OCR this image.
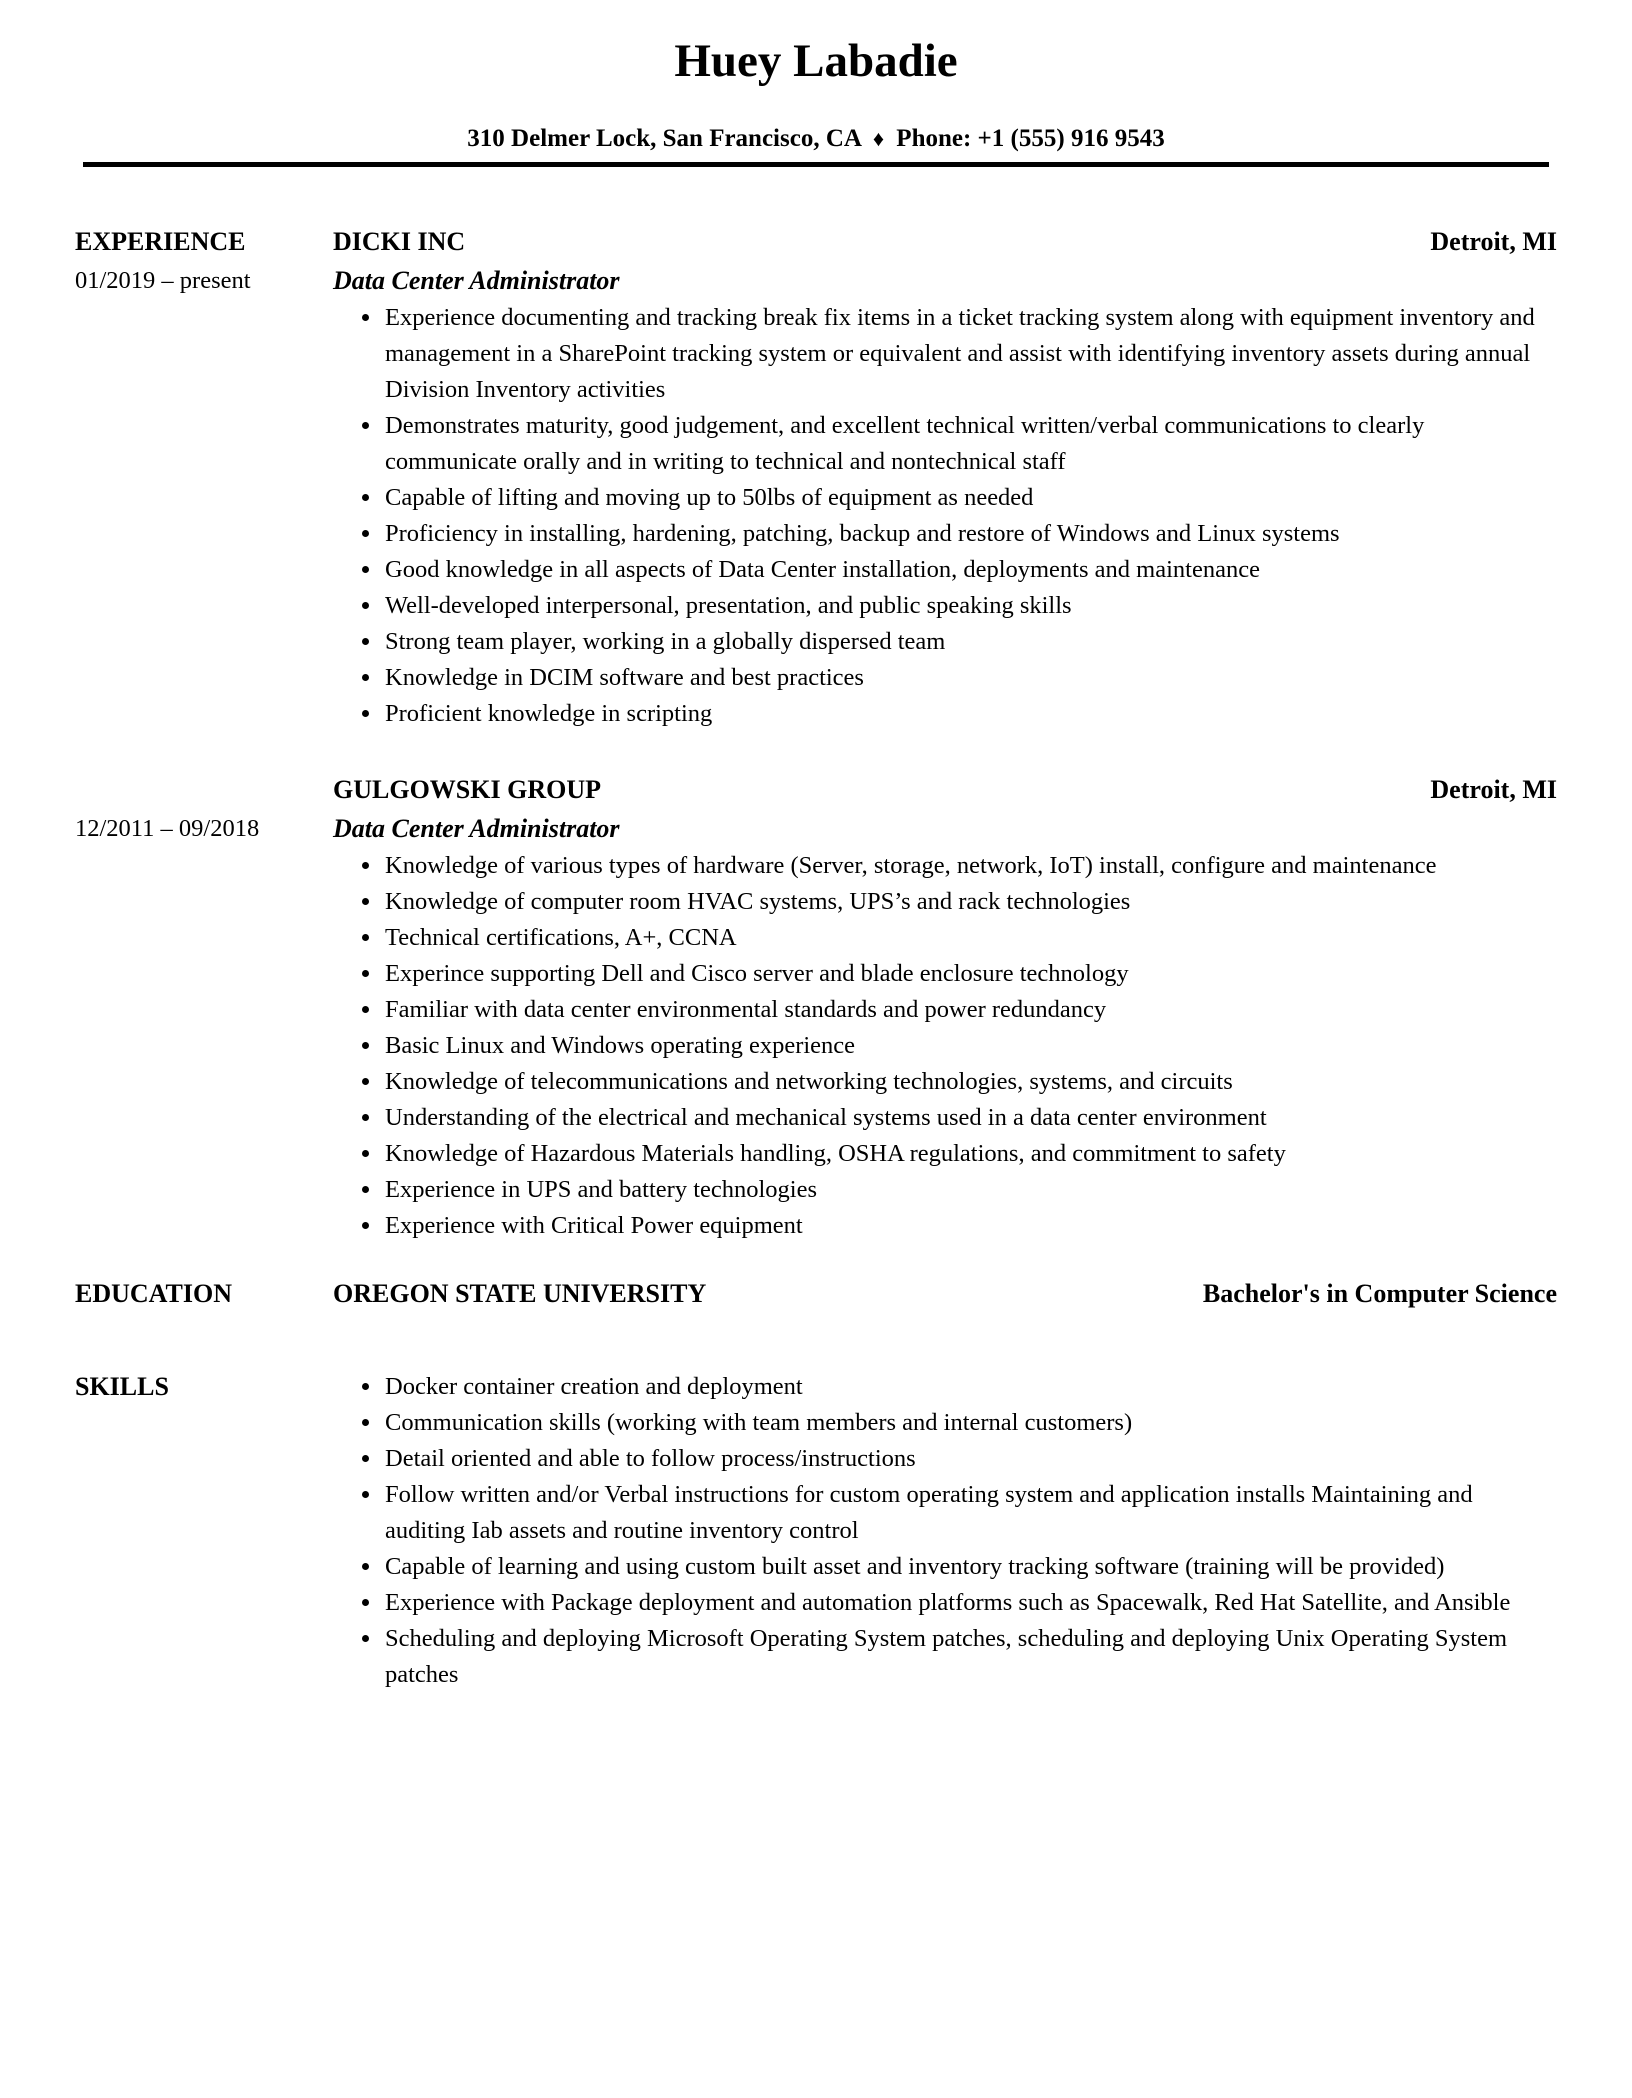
Huey Labadie
310 Delmer Lock, San Francisco, CA ♦ Phone: +1 (555) 916 9543
EXPERIENCE
01/2019 – present
DICKI INC	Detroit, MI
Data Center Administrator
• Experience documenting and tracking break fix items in a ticket tracking system along with equipment inventory and management in a SharePoint tracking system or equivalent and assist with identifying inventory assets during annual Division Inventory activities
• Demonstrates maturity, good judgement, and excellent technical written/verbal communications to clearly communicate orally and in writing to technical and nontechnical staff
• Capable of lifting and moving up to 50lbs of equipment as needed
• Proficiency in installing, hardening, patching, backup and restore of Windows and Linux systems
• Good knowledge in all aspects of Data Center installation, deployments and maintenance
• Well-developed interpersonal, presentation, and public speaking skills
• Strong team player, working in a globally dispersed team
• Knowledge in DCIM software and best practices
• Proficient knowledge in scripting
12/2011 – 09/2018
GULGOWSKI GROUP	Detroit, MI
Data Center Administrator
• Knowledge of various types of hardware (Server, storage, network, IoT) install, configure and maintenance
• Knowledge of computer room HVAC systems, UPS’s and rack technologies
• Technical certifications, A+, CCNA
• Experince supporting Dell and Cisco server and blade enclosure technology
• Familiar with data center environmental standards and power redundancy
• Basic Linux and Windows operating experience
• Knowledge of telecommunications and networking technologies, systems, and circuits
• Understanding of the electrical and mechanical systems used in a data center environment
• Knowledge of Hazardous Materials handling, OSHA regulations, and commitment to safety
• Experience in UPS and battery technologies
• Experience with Critical Power equipment
EDUCATION	OREGON STATE UNIVERSITY	Bachelor's in Computer Science
SKILLS	• Docker container creation and deployment
• Communication skills (working with team members and internal customers)
• Detail oriented and able to follow process/instructions
• Follow written and/or Verbal instructions for custom operating system and application installs Maintaining and auditing Iab assets and routine inventory control
• Capable of learning and using custom built asset and inventory tracking software (training will be provided)
• Experience with Package deployment and automation platforms such as Spacewalk, Red Hat Satellite, and Ansible
• Scheduling and deploying Microsoft Operating System patches, scheduling and deploying Unix Operating System patches
